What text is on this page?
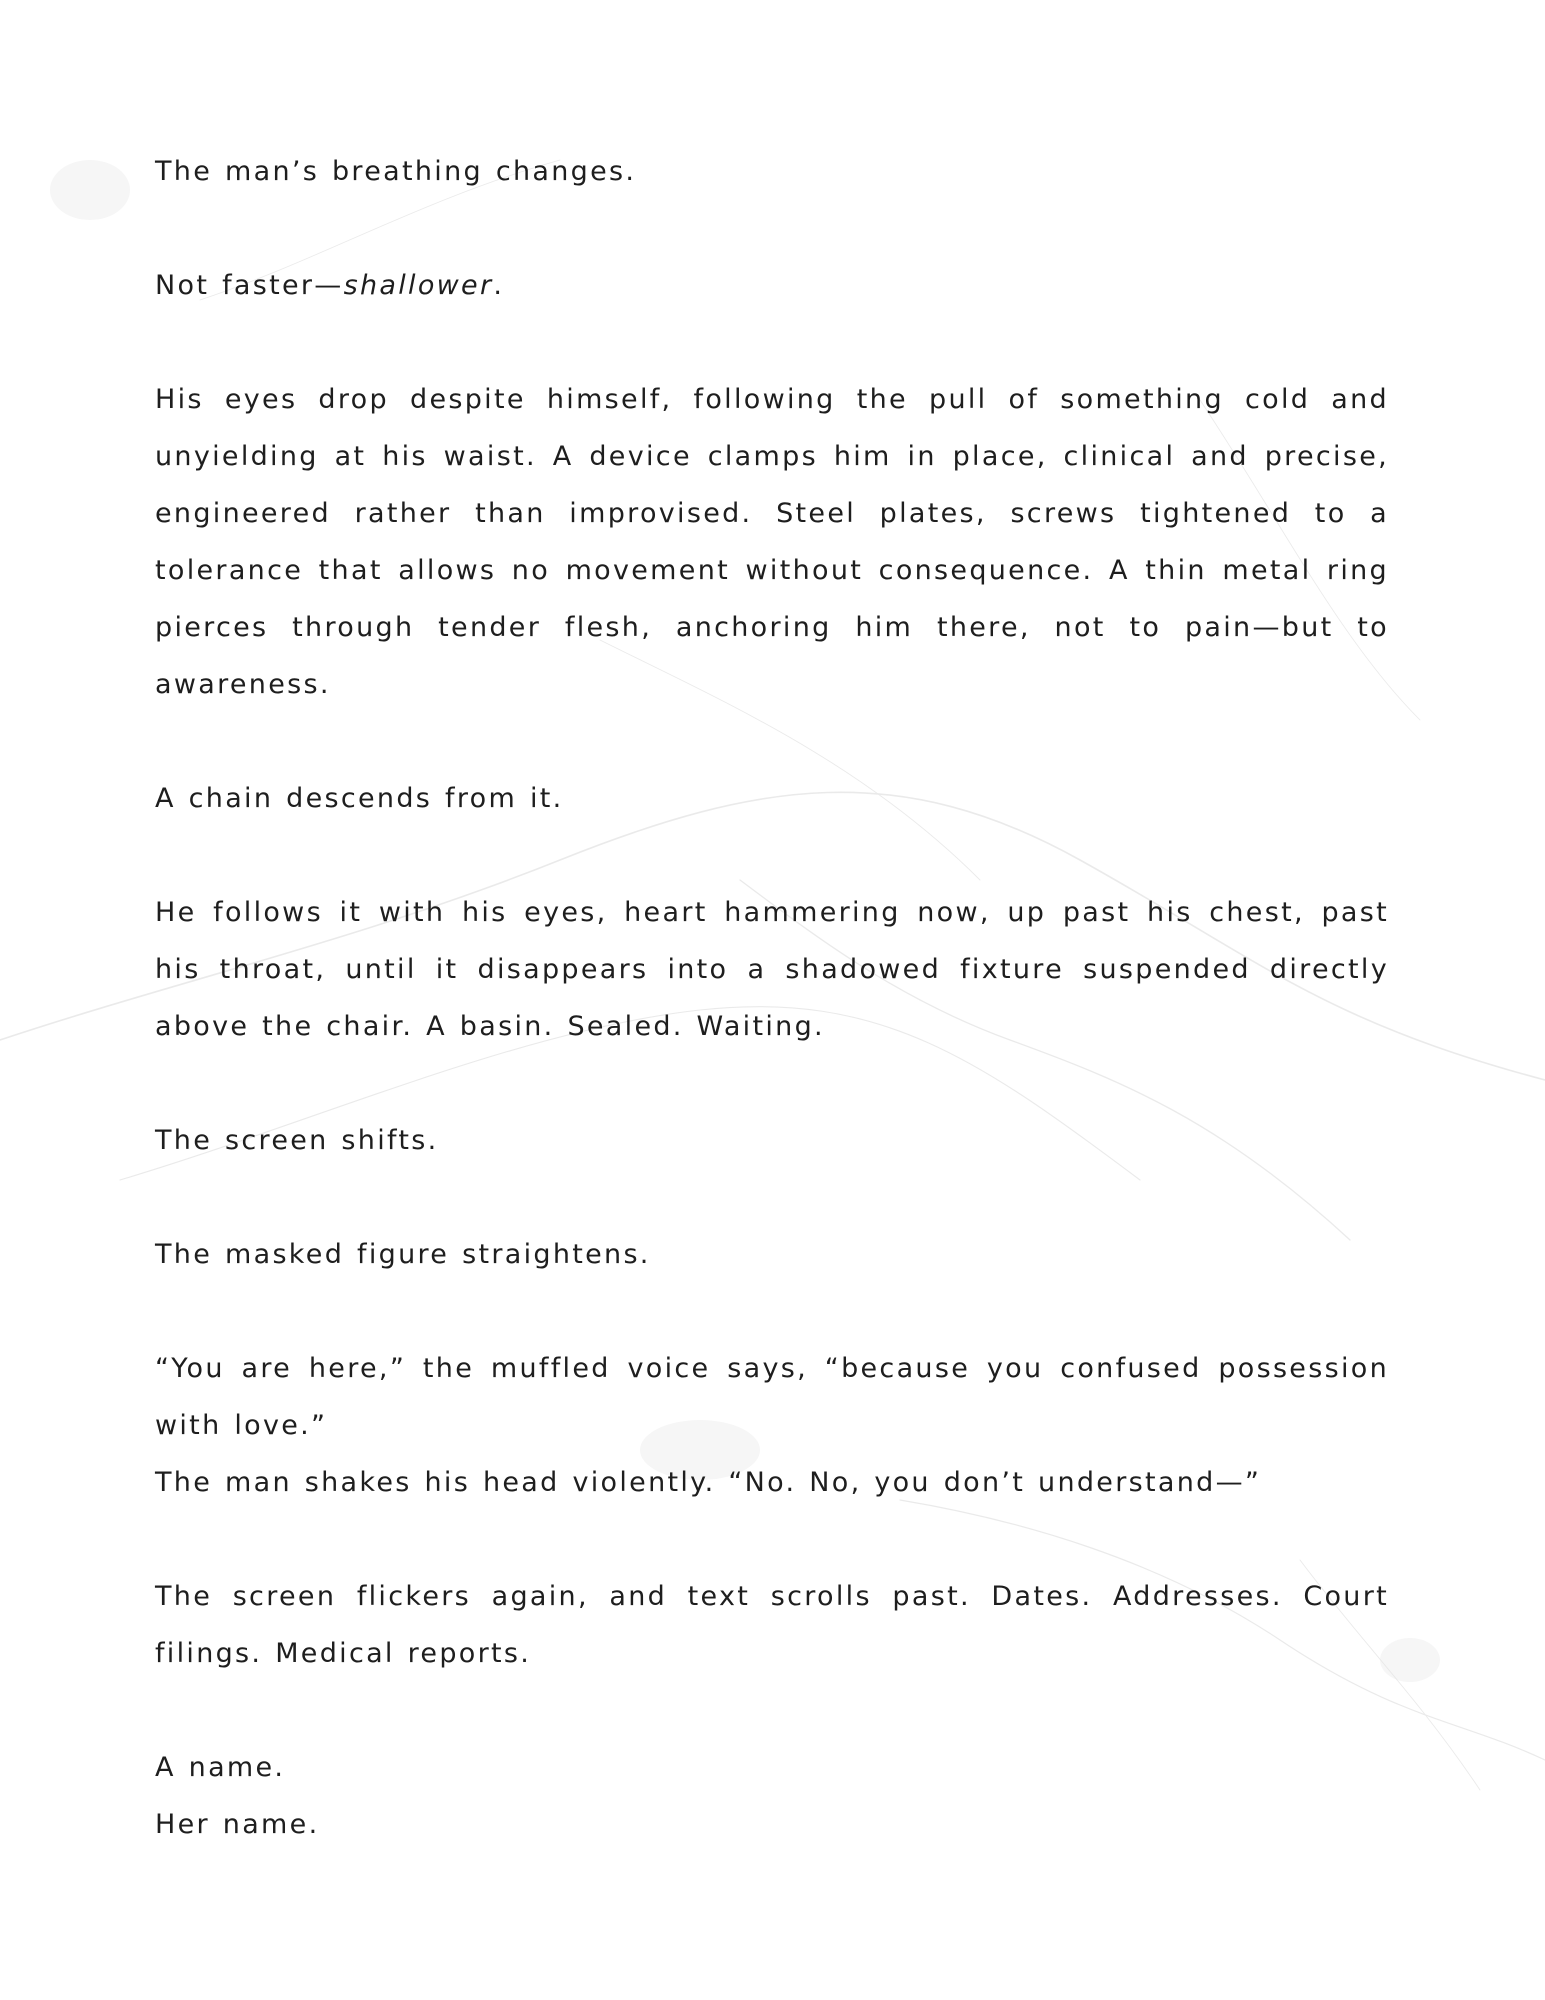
The man’s breathing changes.

Not faster—shallower.

His eyes drop despite himself, following the pull of something cold and unyielding at his waist. A device clamps him in place, clinical and precise, engineered rather than improvised. Steel plates, screws tightened to a tolerance that allows no movement without consequence. A thin metal ring pierces through tender flesh, anchoring him there, not to pain—but to awareness.

A chain descends from it.

He follows it with his eyes, heart hammering now, up past his chest, past his throat, until it disappears into a shadowed fixture suspended directly above the chair. A basin. Sealed. Waiting.

The screen shifts.

The masked figure straightens.

“You are here,” the muffled voice says, “because you confused possession with love.”

The man shakes his head violently. “No. No, you don’t understand—”

The screen flickers again, and text scrolls past. Dates. Addresses. Court filings. Medical reports.

A name.

Her name.
